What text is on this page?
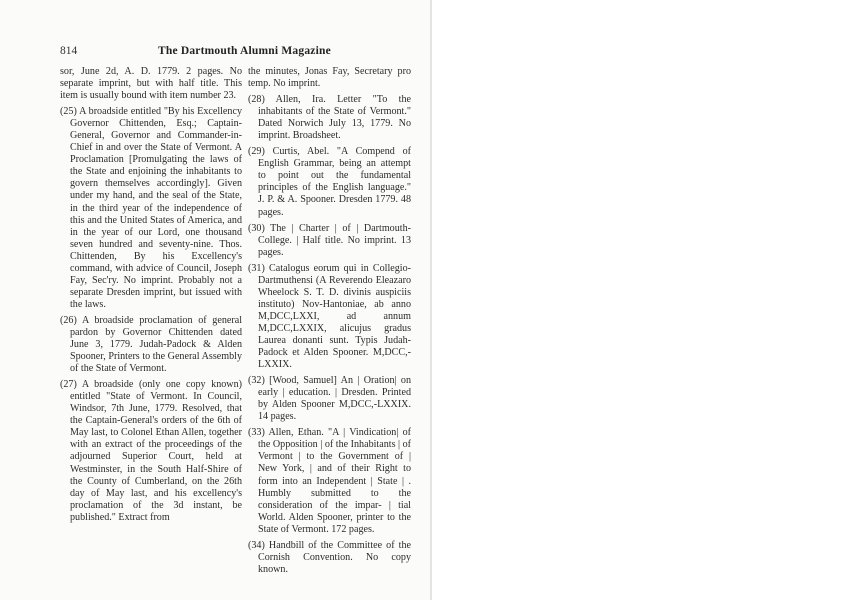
814	The Dartmouth Alumni Magazine

sor, June 2d, A. D. 1779. 2 pages. No separate imprint, but with half title. This item is usually bound with item number 23.

(25) A broadside entitled "By his Excellency Governor Chittenden, Esq.; Captain-General, Governor and Commander-in-Chief in and over the State of Vermont. A Proclamation [Promulgating the laws of the State and enjoining the inhabitants to govern themselves accordingly]. Given under my hand, and the seal of the State, in the third year of the independence of this and the United States of America, and in the year of our Lord, one thousand seven hundred and seventy-nine. Thos. Chittenden, By his Excellency's command, with advice of Council, Joseph Fay, Sec'ry. No imprint. Probably not a separate Dresden imprint, but issued with the laws.

(26) A broadside proclamation of general pardon by Governor Chittenden dated June 3, 1779. Judah-Padock & Alden Spooner, Printers to the General Assembly of the State of Vermont.

(27) A broadside (only one copy known) entitled "State of Vermont. In Council, Windsor, 7th June, 1779. Resolved, that the Captain-General's orders of the 6th of May last, to Colonel Ethan Allen, together with an extract of the proceedings of the adjourned Superior Court, held at Westminster, in the South Half-Shire of the County of Cumberland, on the 26th day of May last, and his excellency's proclamation of the 3d instant, be published." Extract from

the minutes, Jonas Fay, Secretary pro temp. No imprint.

(28) Allen, Ira. Letter "To the inhabitants of the State of Vermont." Dated Norwich July 13, 1779. No imprint. Broadsheet.

(29) Curtis, Abel. "A Compend of English Grammar, being an attempt to point out the fundamental principles of the English language." J. P. & A. Spooner. Dresden 1779. 48 pages.

(30) The | Charter | of | Dartmouth-College. | Half title. No imprint. 13 pages.

(31) Catalogus eorum qui in Collegio-Dartmuthensi (A Reverendo Eleazaro Wheelock S. T. D. divinis auspiciis instituto) Nov-Hantoniae, ab anno M,DCC,LXXI, ad annum M,DCC,LXXIX, alicujus gradus Laurea donanti sunt. Typis Judah-Padock et Alden Spooner. M,DCC,-LXXIX.

(32) [Wood, Samuel] An | Oration| on early | education. | Dresden. Printed by Alden Spooner M,DCC,-LXXIX. 14 pages.

(33) Allen, Ethan. "A | Vindication| of the Opposition | of the Inhabitants | of Vermont | to the Government of | New York, | and of their Right to form into an Independent | State | . Humbly submitted to the consideration of the impar- | tial World. Alden Spooner, printer to the State of Vermont. 172 pages.

(34) Handbill of the Committee of the Cornish Convention. No copy known.
